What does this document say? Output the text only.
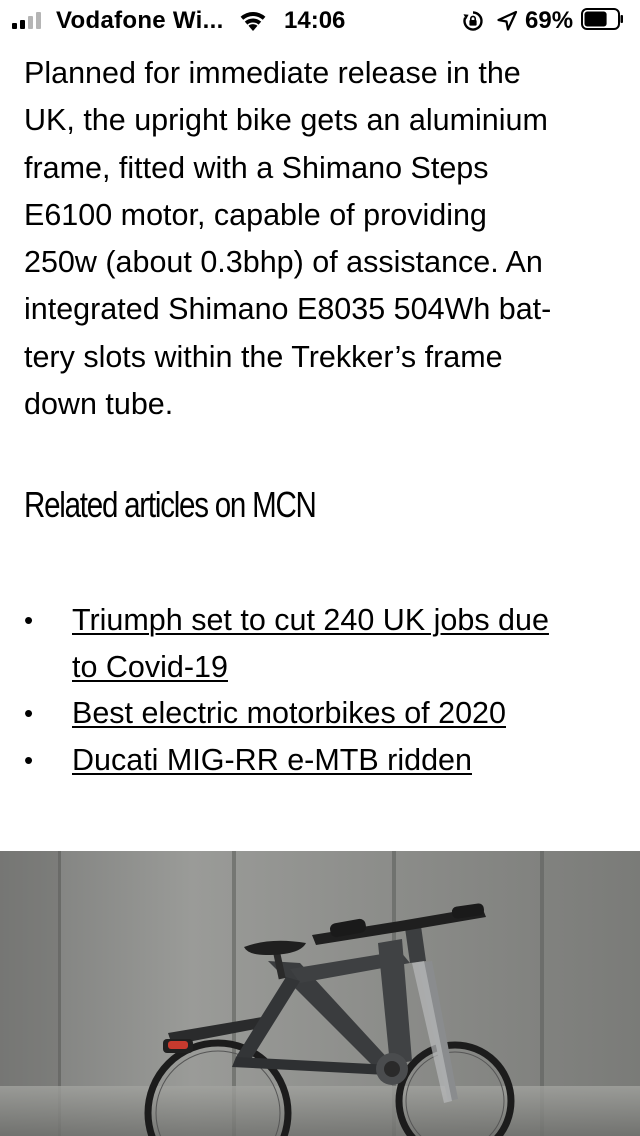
Vodafone Wi...	14:06	69%

Planned for immediate release in the
UK, the upright bike gets an aluminium
frame, fitted with a Shimano Steps
E6100 motor, capable of providing
250w (about 0.3bhp) of assistance. An
integrated Shimano E8035 504Wh bat-
tery slots within the Trekker’s frame
down tube.

Related articles on MCN
• Triumph set to cut 240 UK jobs due
to Covid-19
• Best electric motorbikes of 2020
• Ducati MIG-RR e-MTB ridden
